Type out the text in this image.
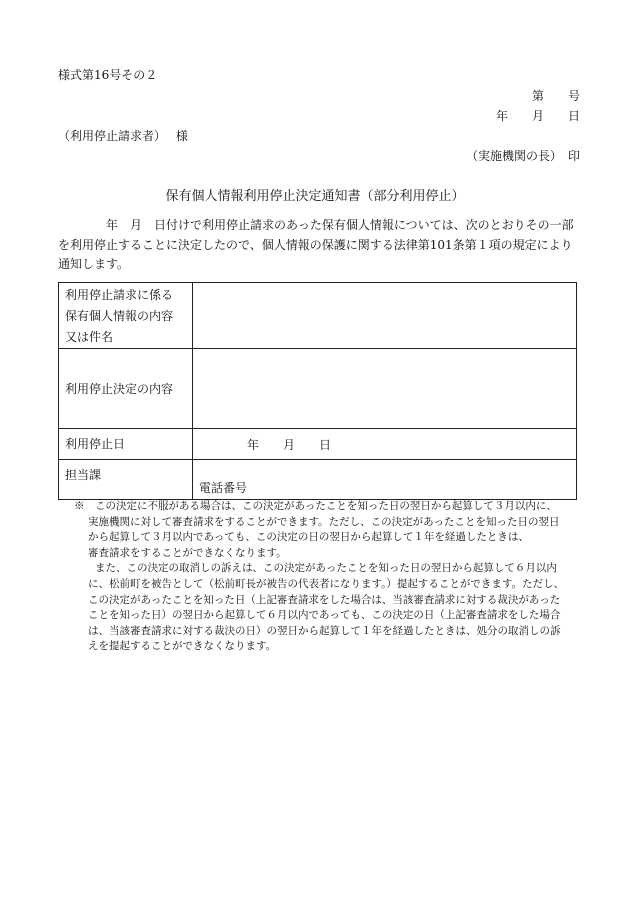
様式第16号その２
第　　号
年　　月　　日
（利用停止請求者）　 様
（実施機関の長）　印
保有個人情報利用停止決定通知書（部分利用停止）
年　月　日付けで利用停止請求のあった保有個人情報については、次のとおりその一部
を利用停止することに決定したので、個人情報の保護に関する法律第101条第１項の規定により
通知します。
利用停止請求に係る
保有個人情報の内容
又は件名	

利用停止決定の内容	

利用停止日	年　　月　　日

担当課	電話番号
※　この決定に不服がある場合は、この決定があったことを知った日の翌日から起算して３月以内に、
実施機関に対して審査請求をすることができます。ただし、この決定があったことを知った日の翌日
から起算して３月以内であっても、この決定の日の翌日から起算して１年を経過したときは、
審査請求をすることができなくなります。
また、この決定の取消しの訴えは、この決定があったことを知った日の翌日から起算して６月以内
に、松前町を被告として（松前町長が被告の代表者になります。）提起することができます。ただし、
この決定があったことを知った日（上記審査請求をした場合は、当該審査請求に対する裁決があった
ことを知った日）の翌日から起算して６月以内であっても、この決定の日（上記審査請求をした場合
は、当該審査請求に対する裁決の日）の翌日から起算して１年を経過したときは、処分の取消しの訴
えを提起することができなくなります。
